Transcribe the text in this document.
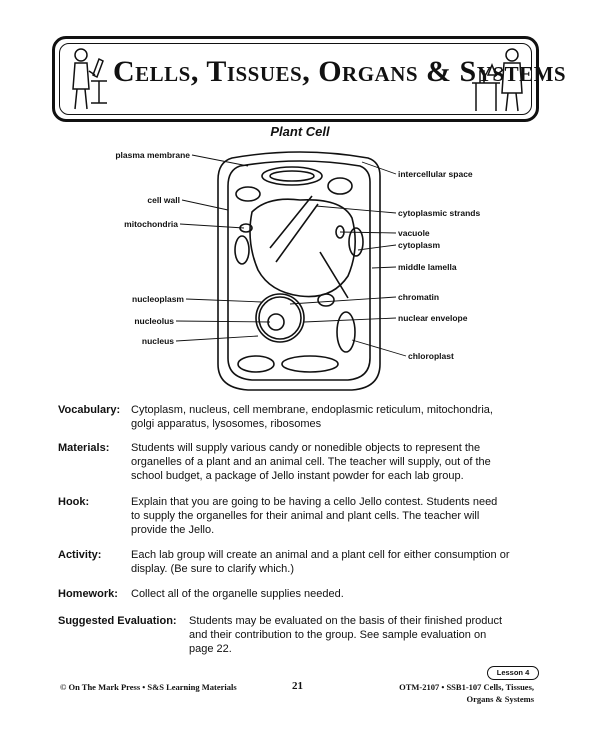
Cells, Tissues, Organs & Systems
Plant Cell
plasma membrane
cell wall
mitochondria
nucleoplasm
nucleolus
nucleus
intercellular space
cytoplasmic strands
vacuole
cytoplasm
middle lamella
chromatin
nuclear envelope
chloroplast
Vocabulary: Cytoplasm, nucleus, cell membrane, endoplasmic reticulum, mitochondria,
golgi apparatus, lysosomes, ribosomes
Materials: Students will supply various candy or nonedible objects to represent the
organelles of a plant and an animal cell. The teacher will supply, out of the
school budget, a package of Jello instant powder for each lab group.
Hook:	Explain that you are going to be having a cello Jello contest. Students need
to supply the organelles for their animal and plant cells. The teacher will
provide the Jello.
Activity:	Each lab group will create an animal and a plant cell for either consumption or
display. (Be sure to clarify which.)
Homework: Collect all of the organelle supplies needed.
Suggested Evaluation: Students may be evaluated on the basis of their finished product
and their contribution to the group. See sample evaluation on
page 22.
© On The Mark Press • S&S Learning Materials	21
Lesson 4
OTM-2107 • SSB1-107 Cells, Tissues,
Organs & Systems
